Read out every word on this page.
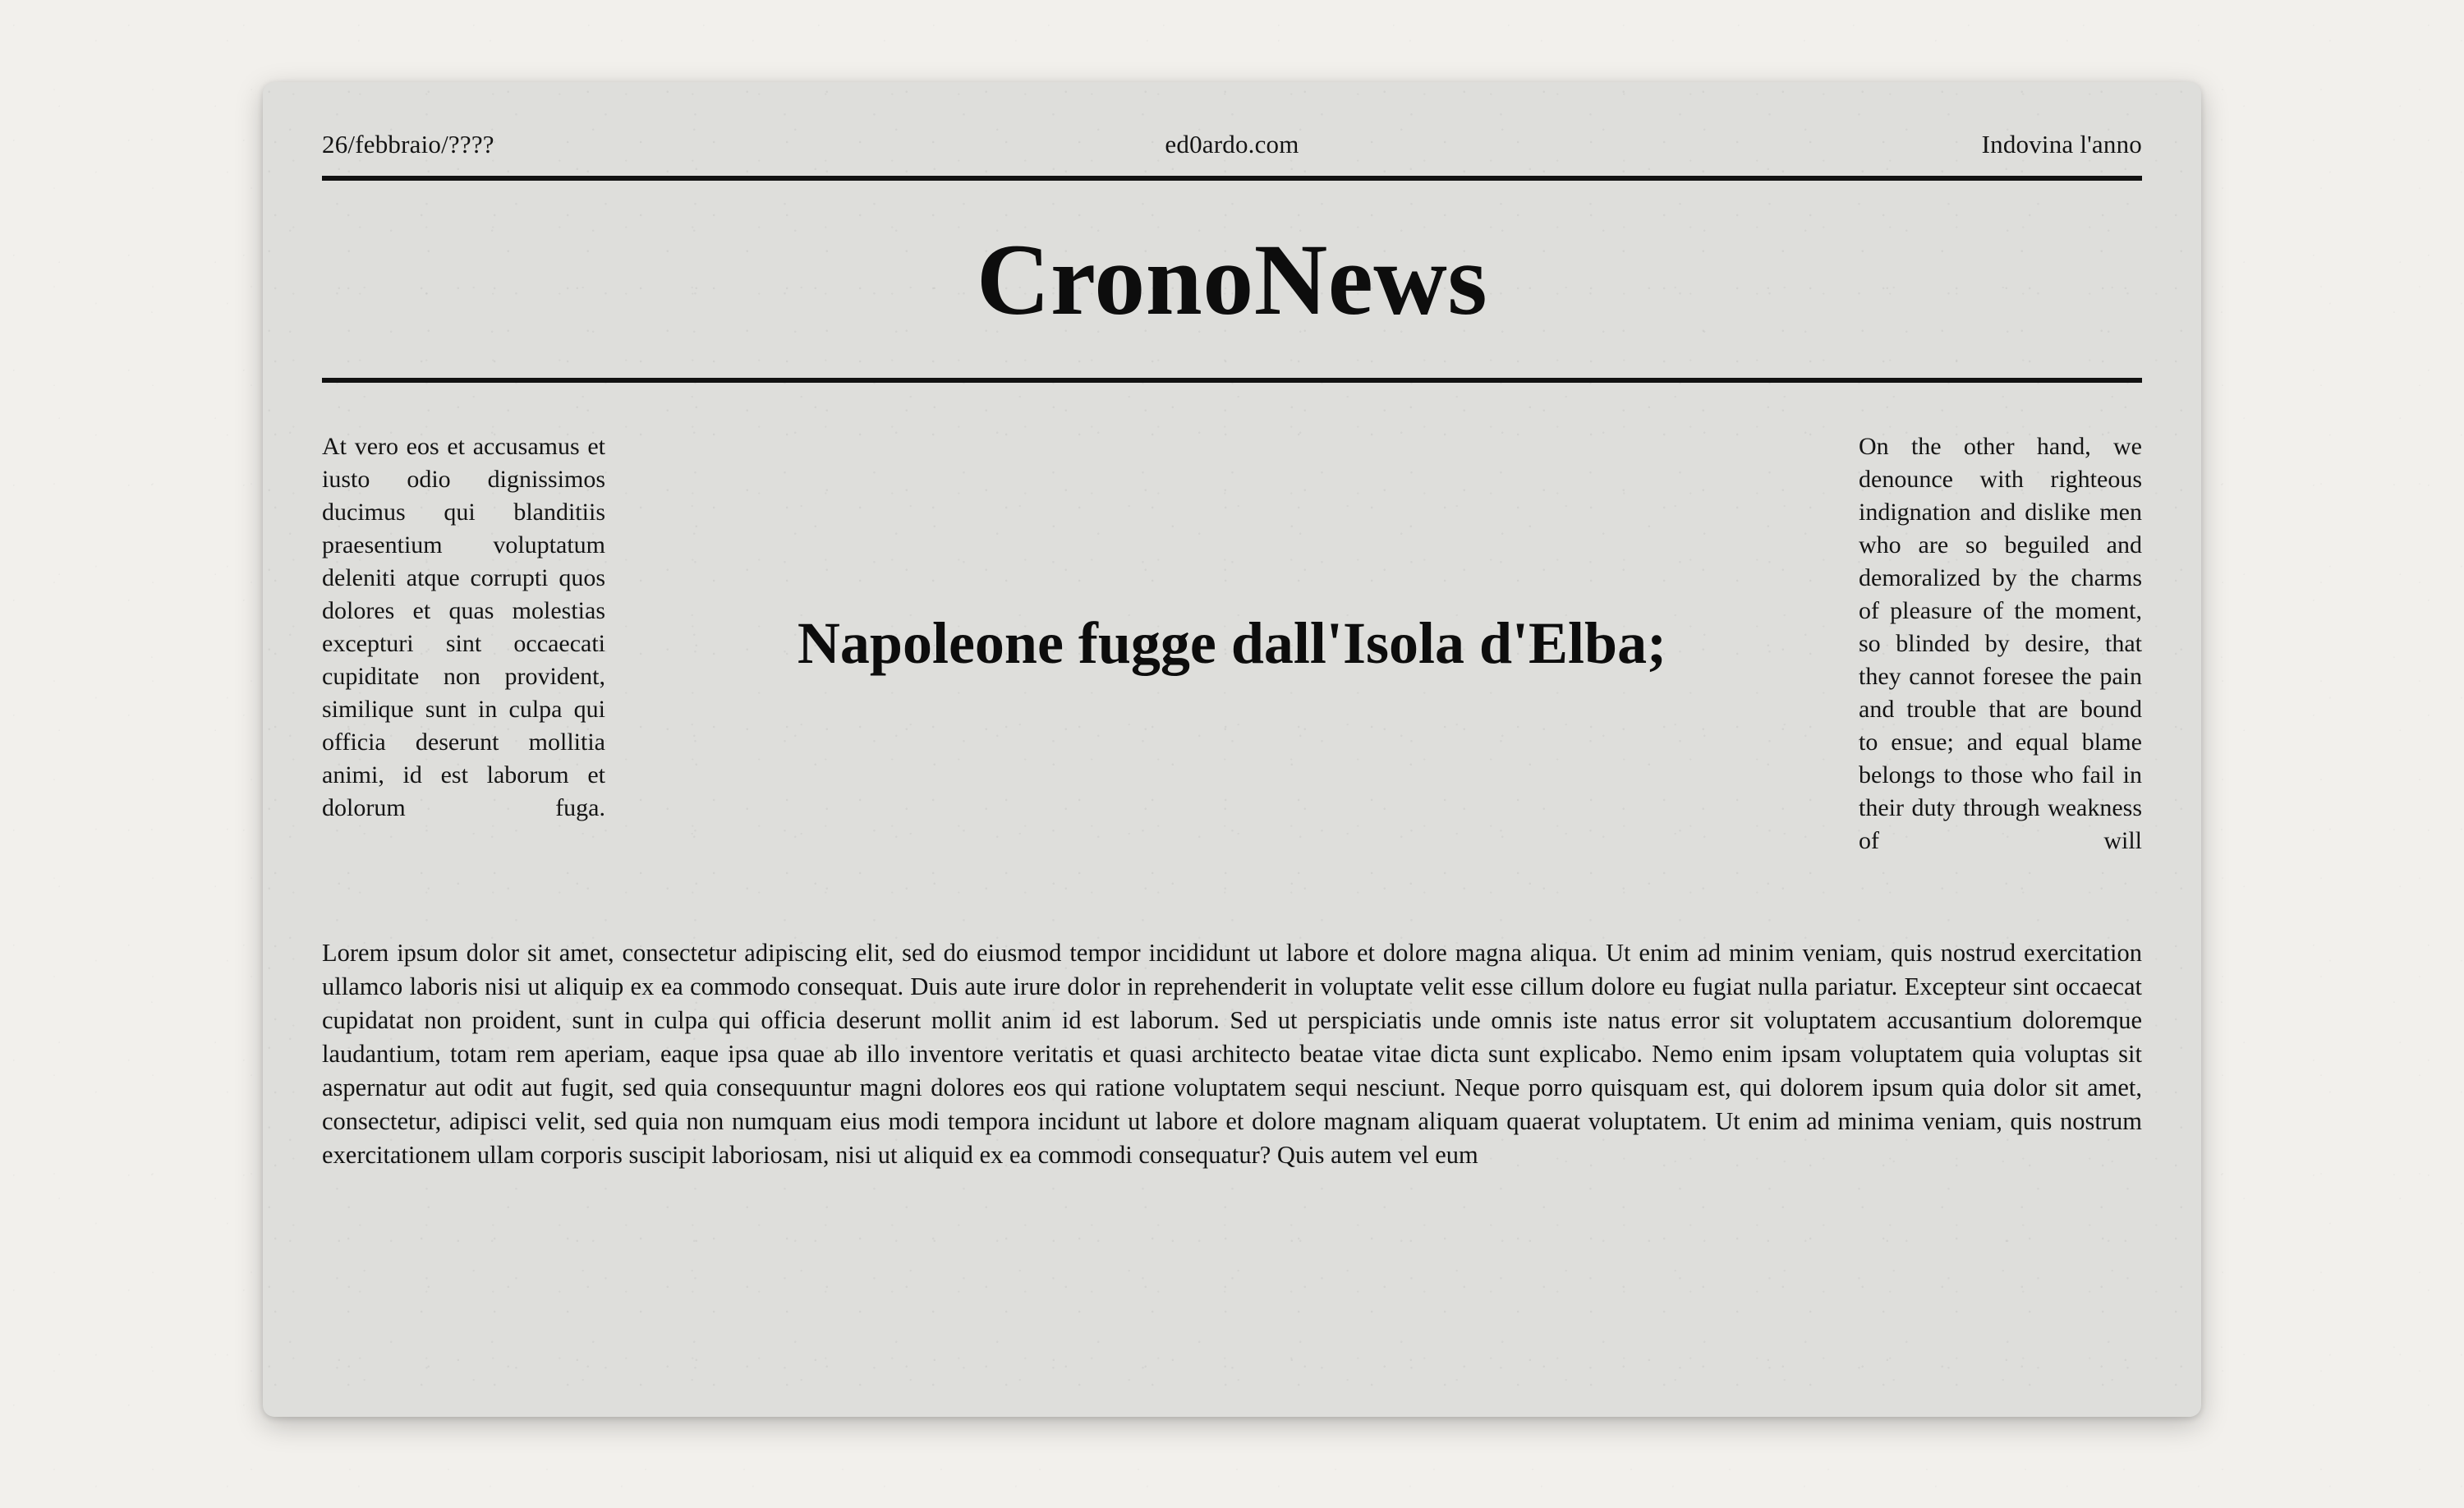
26/febbraio/????	ed0ardo.com	Indovina l'anno
CronoNews
At vero eos et accusamus et iusto odio dignissimos ducimus qui blanditiis praesentium voluptatum deleniti atque corrupti quos dolores et quas molestias excepturi sint occaecati cupiditate non provident, similique sunt in culpa qui officia deserunt mollitia animi, id est laborum et dolorum fuga.
Napoleone fugge dall'Isola d'Elba;
On the other hand, we denounce with righteous indignation and dislike men who are so beguiled and demoralized by the charms of pleasure of the moment, so blinded by desire, that they cannot foresee the pain and trouble that are bound to ensue; and equal blame belongs to those who fail in their duty through weakness of will
Lorem ipsum dolor sit amet, consectetur adipiscing elit, sed do eiusmod tempor incididunt ut labore et dolore magna aliqua. Ut enim ad minim veniam, quis nostrud exercitation ullamco laboris nisi ut aliquip ex ea commodo consequat. Duis aute irure dolor in reprehenderit in voluptate velit esse cillum dolore eu fugiat nulla pariatur. Excepteur sint occaecat cupidatat non proident, sunt in culpa qui officia deserunt mollit anim id est laborum. Sed ut perspiciatis unde omnis iste natus error sit voluptatem accusantium doloremque laudantium, totam rem aperiam, eaque ipsa quae ab illo inventore veritatis et quasi architecto beatae vitae dicta sunt explicabo. Nemo enim ipsam voluptatem quia voluptas sit aspernatur aut odit aut fugit, sed quia consequuntur magni dolores eos qui ratione voluptatem sequi nesciunt. Neque porro quisquam est, qui dolorem ipsum quia dolor sit amet, consectetur, adipisci velit, sed quia non numquam eius modi tempora incidunt ut labore et dolore magnam aliquam quaerat voluptatem. Ut enim ad minima veniam, quis nostrum exercitationem ullam corporis suscipit laboriosam, nisi ut aliquid ex ea commodi consequatur? Quis autem vel eum
